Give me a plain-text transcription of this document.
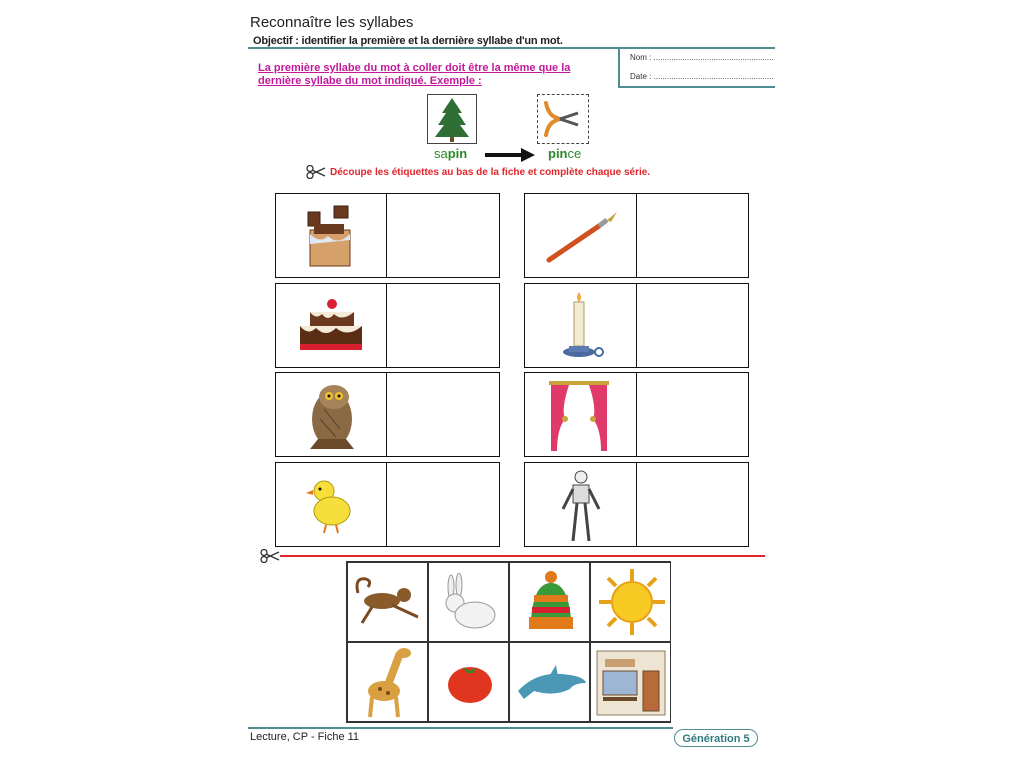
Reconnaître les syllabes
Objectif : identifier la première et la dernière syllabe d'un mot.
Nom : ......................................................
Date : ......................................................
La première syllabe du mot à coller doit être la même que la dernière syllabe du mot indiqué. Exemple :
sapin	pince
Découpe les étiquettes au bas de la fiche et complète chaque série.
Lecture, CP - Fiche 11	Génération 5
